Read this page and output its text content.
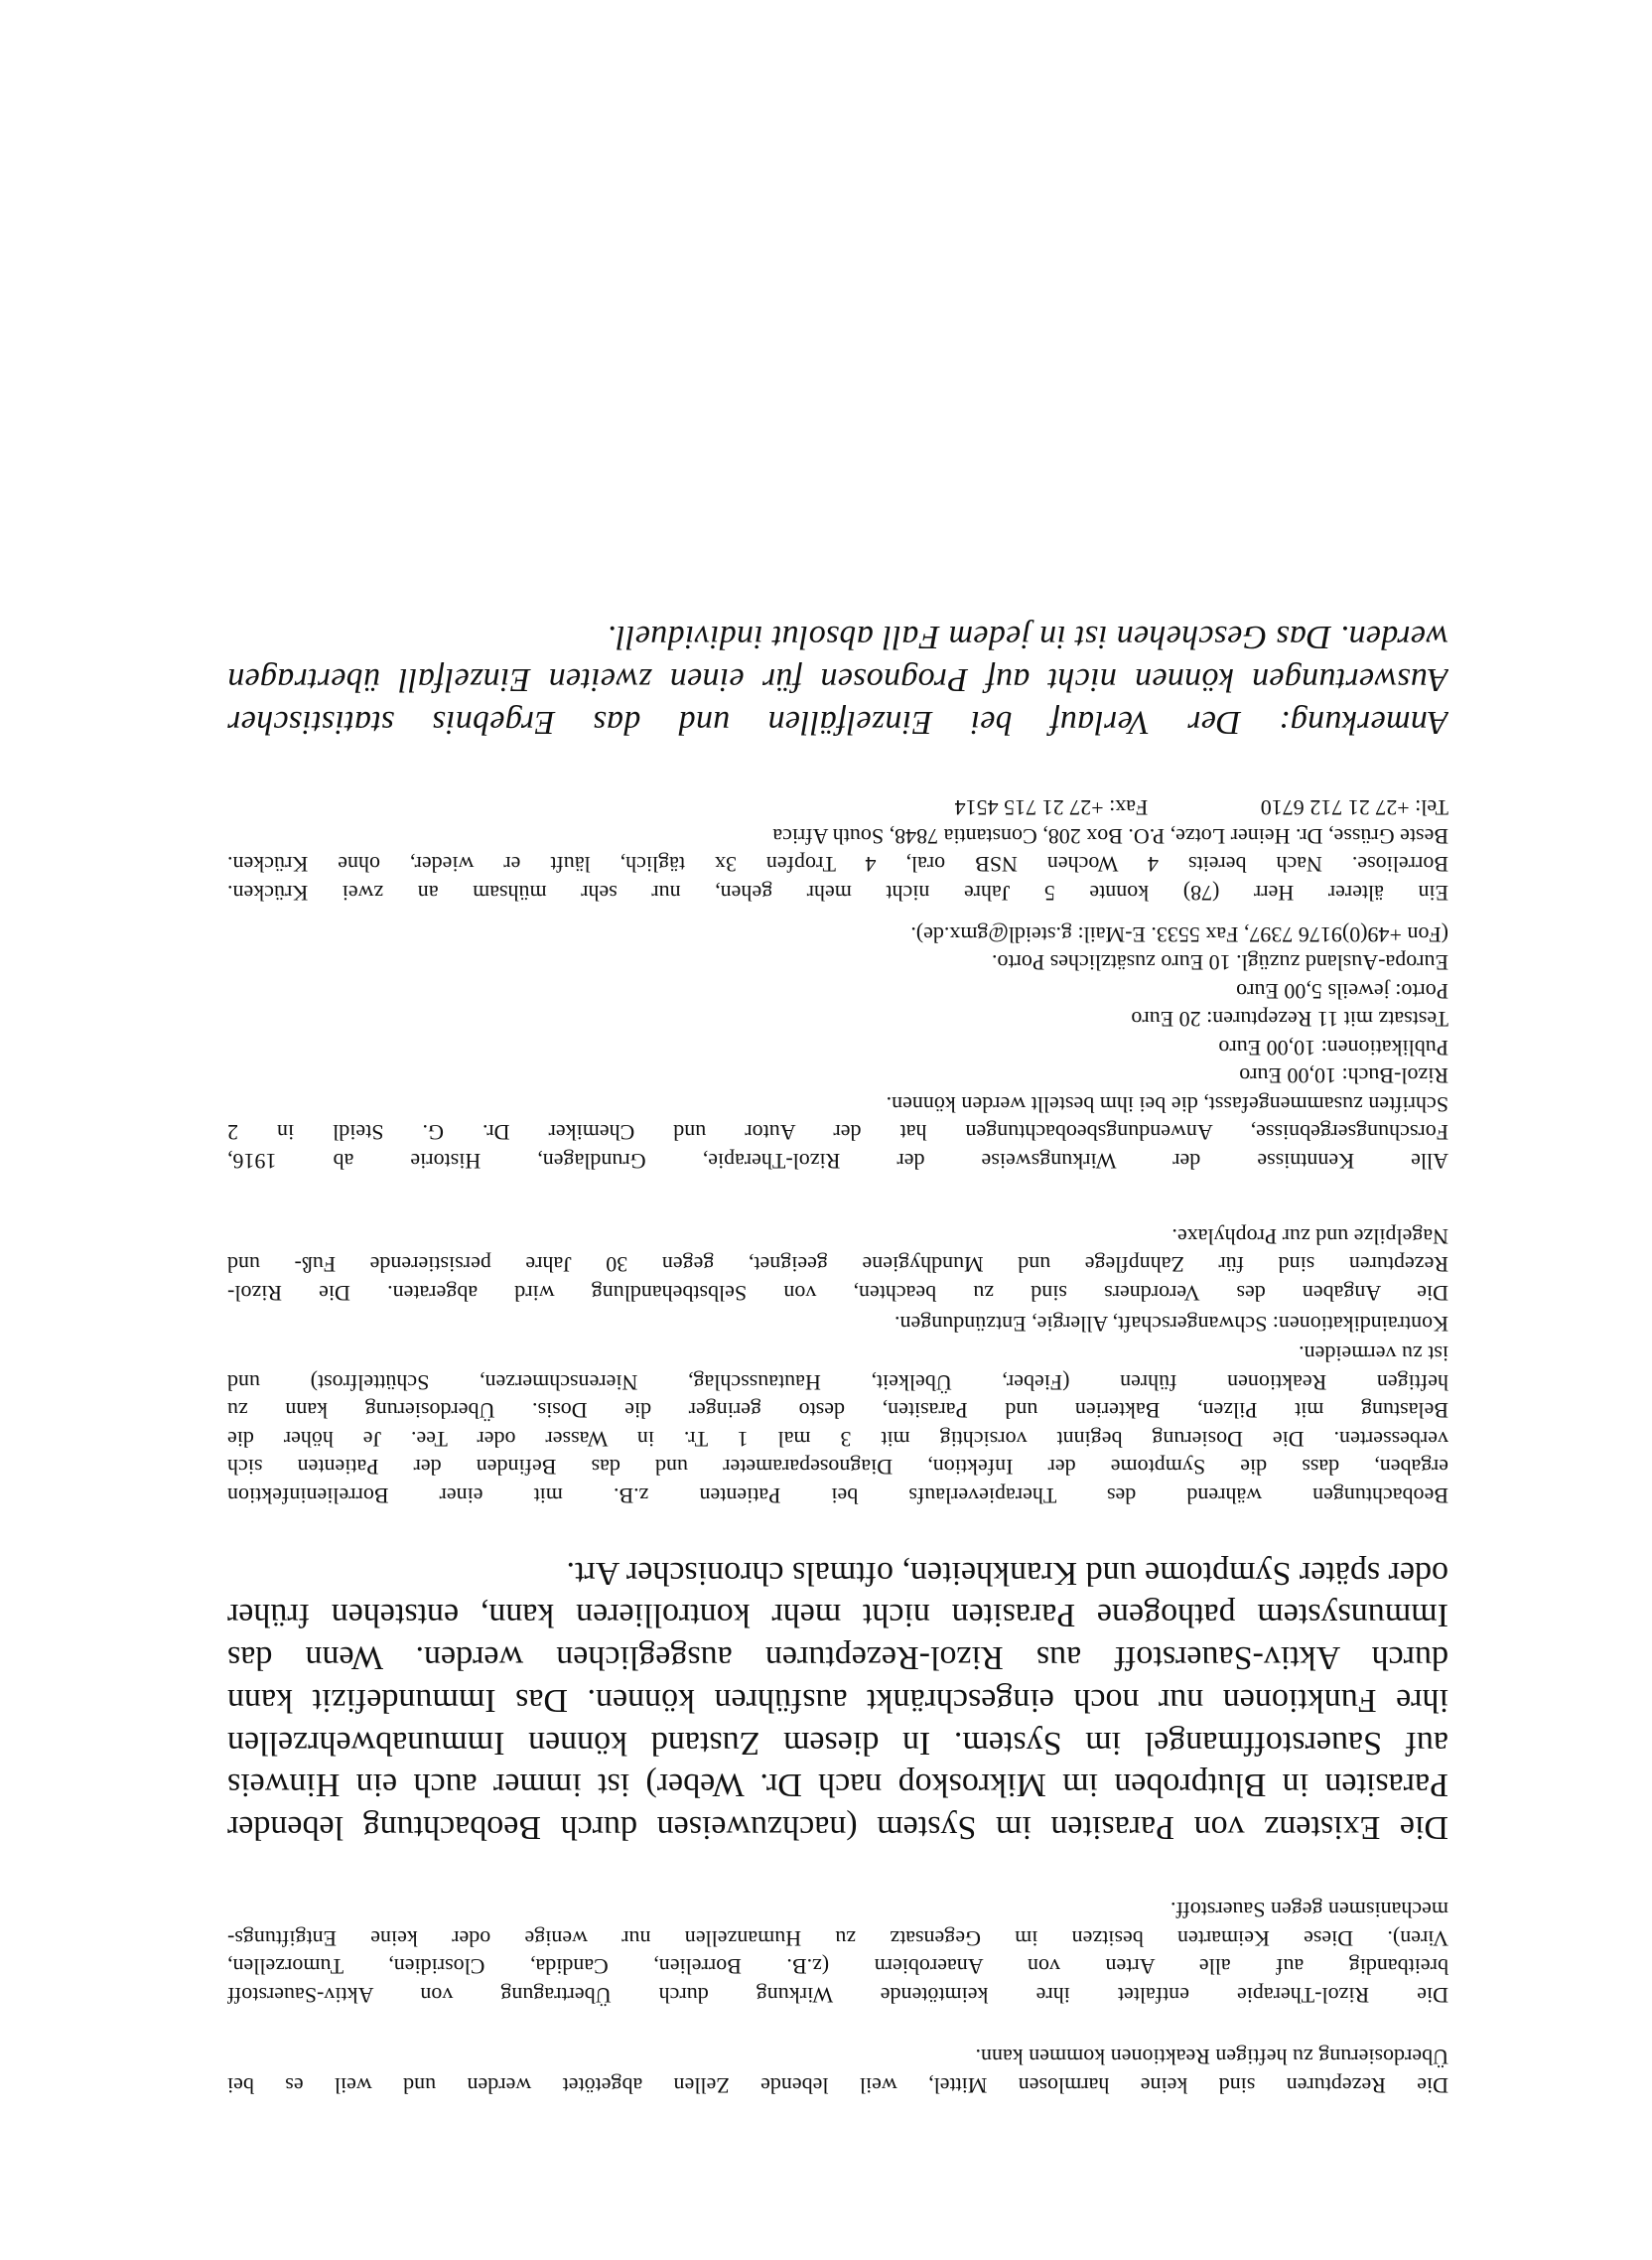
Die Rezepturen sind keine harmlosen Mittel, weil lebende Zellen abgetötet werden und weil es bei
Überdosierung zu heftigen Reaktionen kommen kann.
Die Rizol-Therapie entfaltet ihre keimtötende Wirkung durch Übertragung von Aktiv-Sauerstoff
breitbandig auf alle Arten von Anaerobiern (z.B. Borrelien, Candida, Closridien, Tumorzellen,
Viren). Diese Keimarten besitzen im Gegensatz zu Humanzellen nur wenige oder keine Entgiftungs-
mechanismen gegen Sauerstoff.
Die Existenz von Parasiten im System (nachzuweisen durch Beobachtung lebender
Parasiten in Blutproben im Mikroskop nach Dr. Weber) ist immer auch ein Hinweis
auf Sauerstoffmangel im System. In diesem Zustand können Immunabwehrzellen
ihre Funktionen nur noch eingeschränkt ausführen können. Das Immundefizit kann
durch Aktiv-Sauerstoff aus Rizol-Rezepturen ausgeglichen werden. Wenn das
Immunsystem pathogene Parasiten nicht mehr kontrollieren kann, entstehen früher
oder später Symptome und Krankheiten, oftmals chronischer Art.
Beobachtungen während des Therapieverlaufs bei Patienten z.B. mit einer Borrelieninfektion
ergaben, dass die Symptome der Infektion, Diagnoseparameter und das Befinden der Patienten sich
verbesserten. Die Dosierung beginnt vorsichtig mit 3 mal 1 Tr. in Wasser oder Tee. Je höher die
Belastung mit Pilzen, Bakterien und Parasiten, desto geringer die Dosis. Überdosierung kann zu
heftigen Reaktionen führen (Fieber, Übelkeit, Hautausschlag, Nierenschmerzen, Schüttelfrost) und
ist zu vermeiden.
Kontraindikationen: Schwangerschaft, Allergie, Entzündungen.
Die Angaben des Verordners sind zu beachten, von Selbstbehandlung wird abgeraten. Die Rizol-
Rezepturen sind für Zahnpflege und Mundhygiene geeignet, gegen 30 Jahre persistierende Fuß- und
Nagelpilze und zur Prophylaxe.
Alle Kenntnisse der Wirkungsweise der Rizol-Therapie, Grundlagen, Historie ab 1916,
Forschungsergebnisse, Anwendungsbeobachtungen hat der Autor und Chemiker Dr. G. Steidl in 2
Schriften zusammengefasst, die bei ihm bestellt werden können.
Rizol-Buch: 10,00 Euro
Publikationen: 10,00 Euro
Testsatz mit 11 Rezepturen: 20 Euro
Porto: jeweils 5,00 Euro
Europa-Ausland zuzügl. 10 Euro zusätzliches Porto.
(Fon +49(0)9176 7397, Fax 5533. E-Mail: g.steidl@gmx.de).
Ein älterer Herr (78) konnte 5 Jahre nicht mehr gehen, nur sehr mühsam an zwei Krücken.
Borreliose. Nach bereits 4 Wochen NSB oral, 4 Tropfen 3x täglich, läuft er wieder, ohne Krücken.
Beste Grüsse, Dr. Heiner Lotze, P.O. Box 208, Constantia 7848, South Africa
Tel: +27 21 712 6710 Fax: +27 21 715 4514
Anmerkung: Der Verlauf bei Einzelfällen und das Ergebnis statistischer
Auswertungen können nicht auf Prognosen für einen zweiten Einzelfall übertragen
werden. Das Geschehen ist in jedem Fall absolut individuell.
